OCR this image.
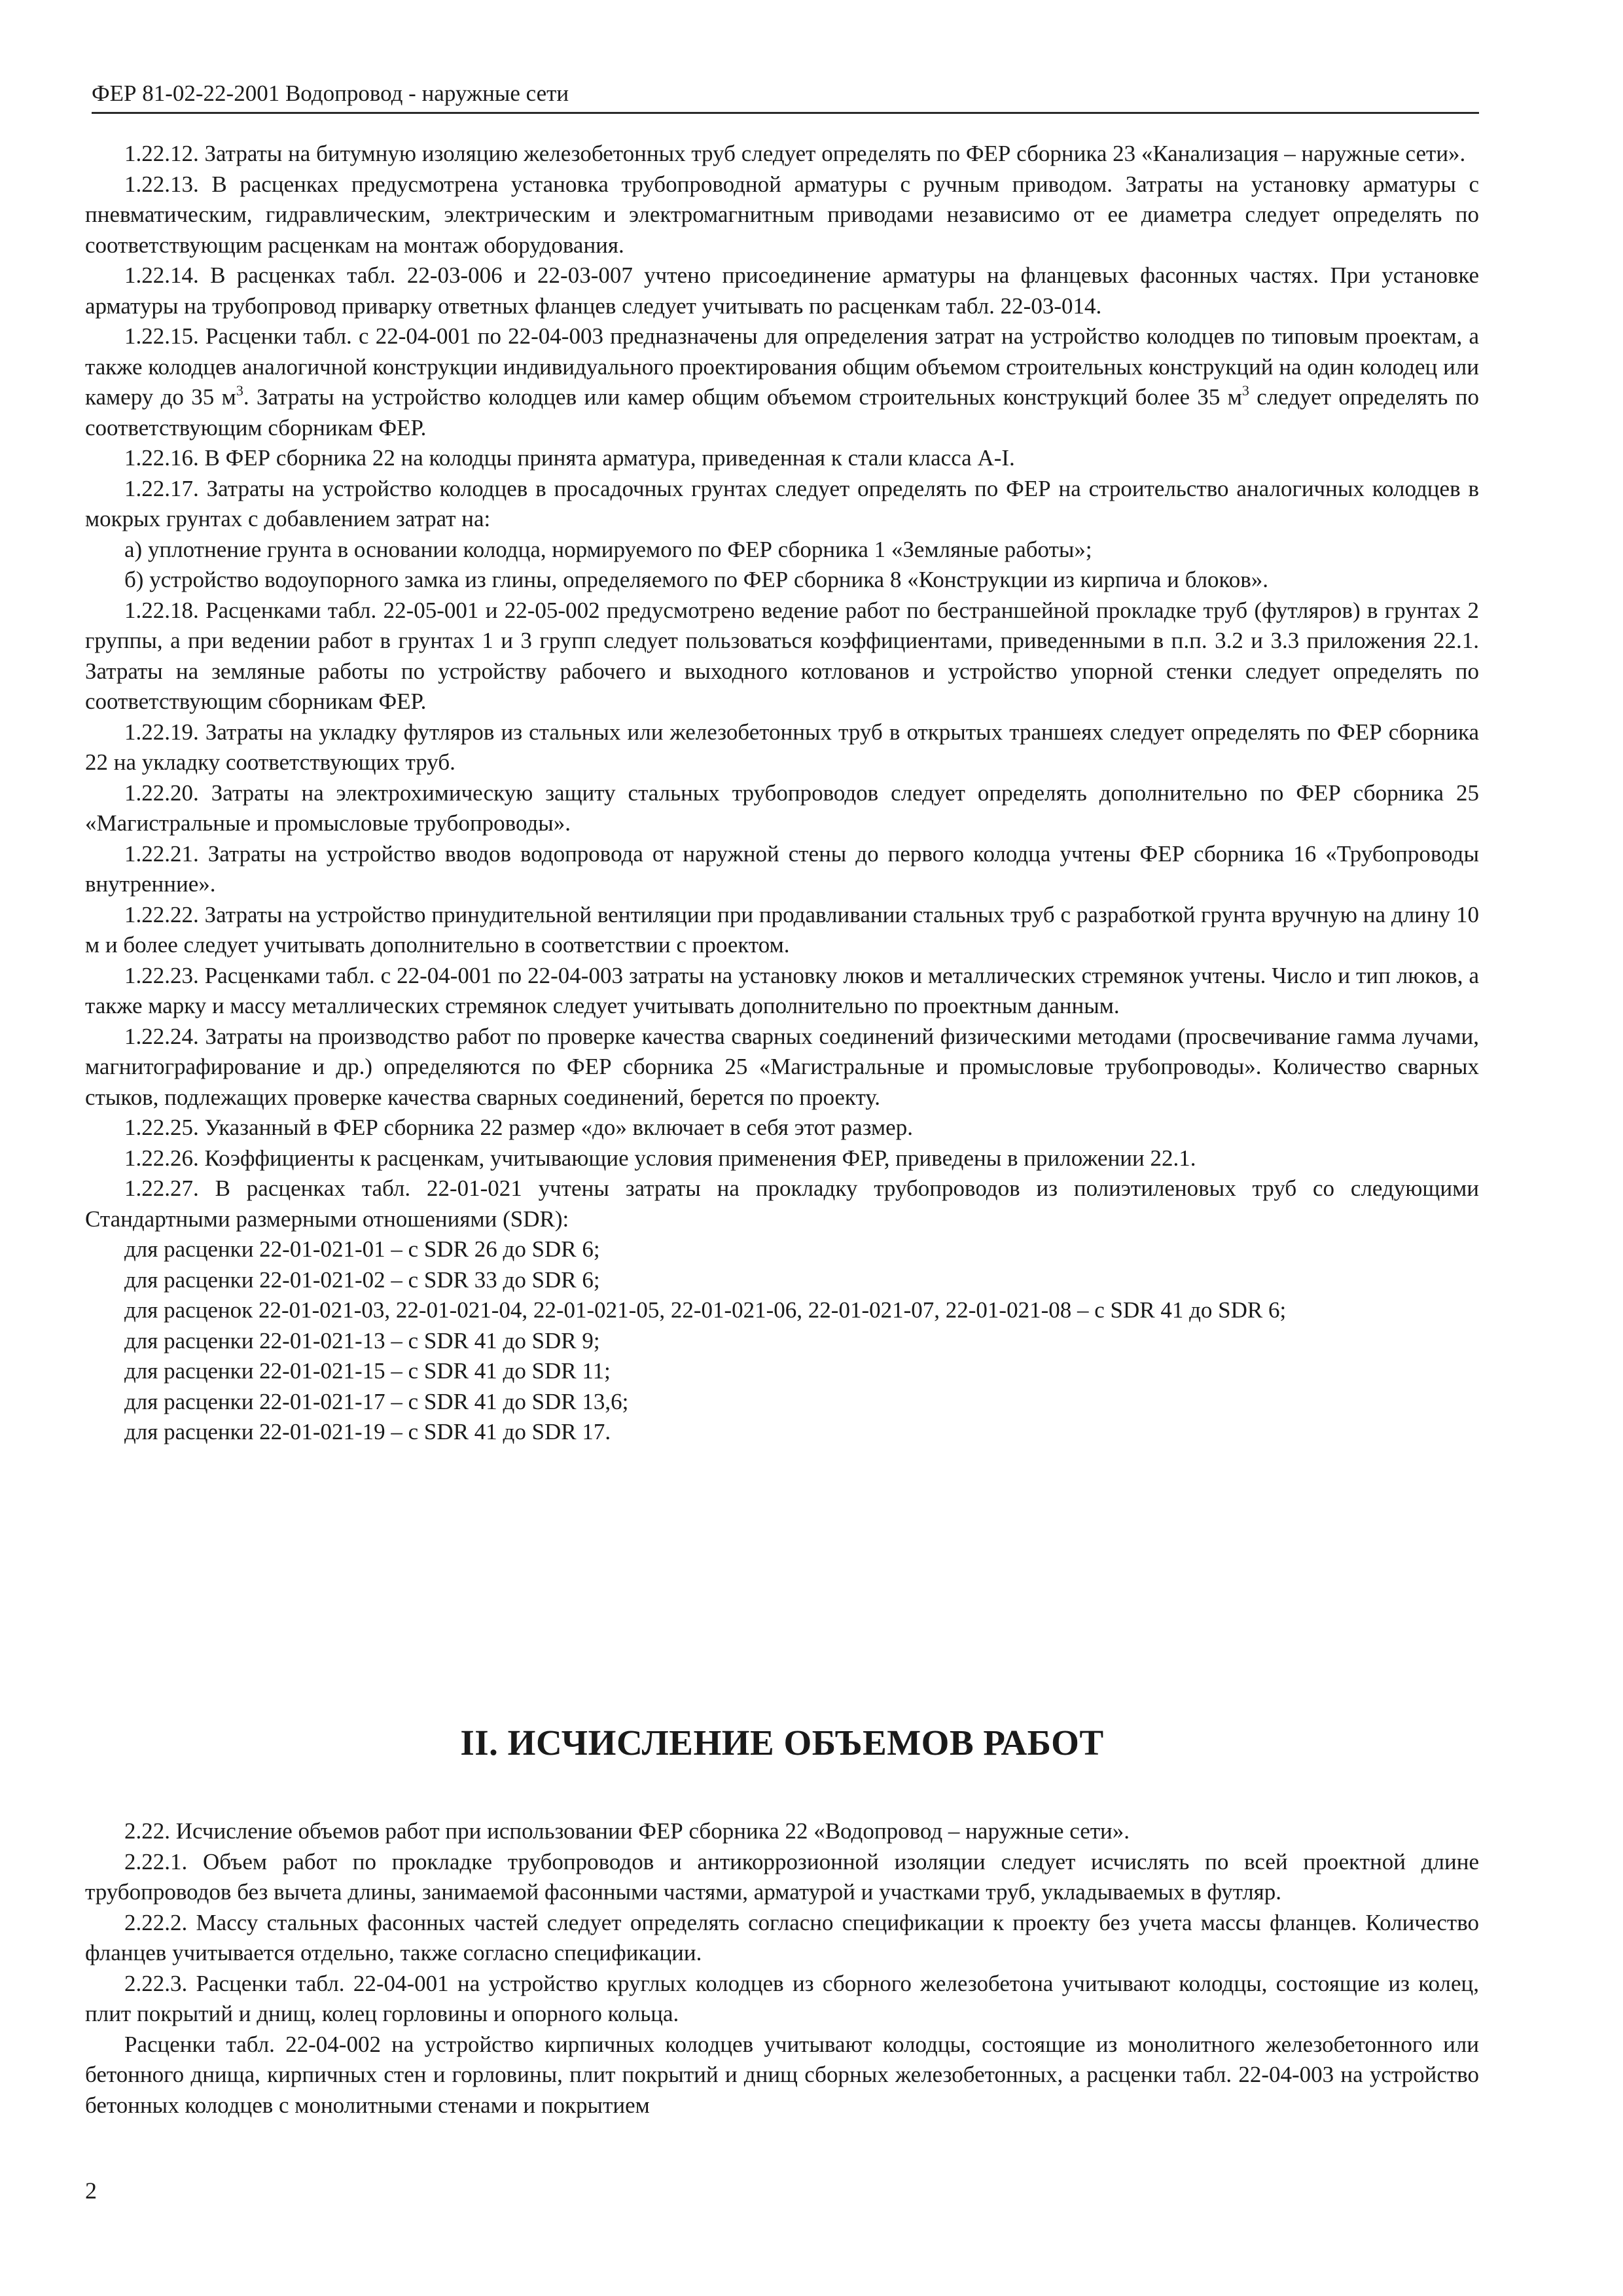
ФЕР 81-02-22-2001 Водопровод - наружные сети

1.22.12. Затраты на битумную изоляцию железобетонных труб следует определять по ФЕР сборника 23 «Канализация – наружные сети».

1.22.13. В расценках предусмотрена установка трубопроводной арматуры с ручным приводом. Затраты на установку арматуры с пневматическим, гидравлическим, электрическим и электромагнитным приводами независимо от ее диаметра следует определять по соответствующим расценкам на монтаж оборудования.

1.22.14. В расценках табл. 22-03-006 и 22-03-007 учтено присоединение арматуры на фланцевых фасонных частях. При установке арматуры на трубопровод приварку ответных фланцев следует учитывать по расценкам табл. 22-03-014.

1.22.15. Расценки табл. с 22-04-001 по 22-04-003 предназначены для определения затрат на устройство колодцев по типовым проектам, а также колодцев аналогичной конструкции индивидуального проектирования общим объемом строительных конструкций на один колодец или камеру до 35 $м^3$. Затраты на устройство колодцев или камер общим объемом строительных конструкций более 35 $м^3$ следует определять по соответствующим сборникам ФЕР.

1.22.16. В ФЕР сборника 22 на колодцы принята арматура, приведенная к стали класса А-I.

1.22.17. Затраты на устройство колодцев в просадочных грунтах следует определять по ФЕР на строительство аналогичных колодцев в мокрых грунтах с добавлением затрат на:

а) уплотнение грунта в основании колодца, нормируемого по ФЕР сборника 1 «Земляные работы»;

б) устройство водоупорного замка из глины, определяемого по ФЕР сборника 8 «Конструкции из кирпича и блоков».

1.22.18. Расценками табл. 22-05-001 и 22-05-002 предусмотрено ведение работ по бестраншейной прокладке труб (футляров) в грунтах 2 группы, а при ведении работ в грунтах 1 и 3 групп следует пользоваться коэффициентами, приведенными в п.п. 3.2 и 3.3 приложения 22.1. Затраты на земляные работы по устройству рабочего и выходного котлованов и устройство упорной стенки следует определять по соответствующим сборникам ФЕР.

1.22.19. Затраты на укладку футляров из стальных или железобетонных труб в открытых траншеях следует определять по ФЕР сборника 22 на укладку соответствующих труб.

1.22.20. Затраты на электрохимическую защиту стальных трубопроводов следует определять дополнительно по ФЕР сборника 25 «Магистральные и промысловые трубопроводы».

1.22.21. Затраты на устройство вводов водопровода от наружной стены до первого колодца учтены ФЕР сборника 16 «Трубопроводы внутренние».

1.22.22. Затраты на устройство принудительной вентиляции при продавливании стальных труб с разработкой грунта вручную на длину 10 м и более следует учитывать дополнительно в соответствии с проектом.

1.22.23. Расценками табл. с 22-04-001 по 22-04-003 затраты на установку люков и металлических стремянок учтены. Число и тип люков, а также марку и массу металлических стремянок следует учитывать дополнительно по проектным данным.

1.22.24. Затраты на производство работ по проверке качества сварных соединений физическими методами (просвечивание гамма лучами, магнитографирование и др.) определяются по ФЕР сборника 25 «Магистральные и промысловые трубопроводы». Количество сварных стыков, подлежащих проверке качества сварных соединений, берется по проекту.

1.22.25. Указанный в ФЕР сборника 22 размер «до» включает в себя этот размер.

1.22.26. Коэффициенты к расценкам, учитывающие условия применения ФЕР, приведены в приложении 22.1.

1.22.27. В расценках табл. 22-01-021 учтены затраты на прокладку трубопроводов из полиэтиленовых труб со следующими Стандартными размерными отношениями (SDR):

для расценки 22-01-021-01 – с SDR 26 до SDR 6;

для расценки 22-01-021-02 – с SDR 33 до SDR 6;

для расценок 22-01-021-03, 22-01-021-04, 22-01-021-05, 22-01-021-06, 22-01-021-07, 22-01-021-08 – с SDR 41 до SDR 6;

для расценки 22-01-021-13 – с SDR 41 до SDR 9;

для расценки 22-01-021-15 – с SDR 41 до SDR 11;

для расценки 22-01-021-17 – с SDR 41 до SDR 13,6;

для расценки 22-01-021-19 – с SDR 41 до SDR 17.

II. ИСЧИСЛЕНИЕ ОБЪЕМОВ РАБОТ

2.22. Исчисление объемов работ при использовании ФЕР сборника 22 «Водопровод – наружные сети».

2.22.1. Объем работ по прокладке трубопроводов и антикоррозионной изоляции следует исчислять по всей проектной длине трубопроводов без вычета длины, занимаемой фасонными частями, арматурой и участками труб, укладываемых в футляр.

2.22.2. Массу стальных фасонных частей следует определять согласно спецификации к проекту без учета массы фланцев. Количество фланцев учитывается отдельно, также согласно спецификации.

2.22.3. Расценки табл. 22-04-001 на устройство круглых колодцев из сборного железобетона учитывают колодцы, состоящие из колец, плит покрытий и днищ, колец горловины и опорного кольца.

Расценки табл. 22-04-002 на устройство кирпичных колодцев учитывают колодцы, состоящие из монолитного железобетонного или бетонного днища, кирпичных стен и горловины, плит покрытий и днищ сборных железобетонных, а расценки табл. 22-04-003 на устройство бетонных колодцев с монолитными стенами и покрытием

2
